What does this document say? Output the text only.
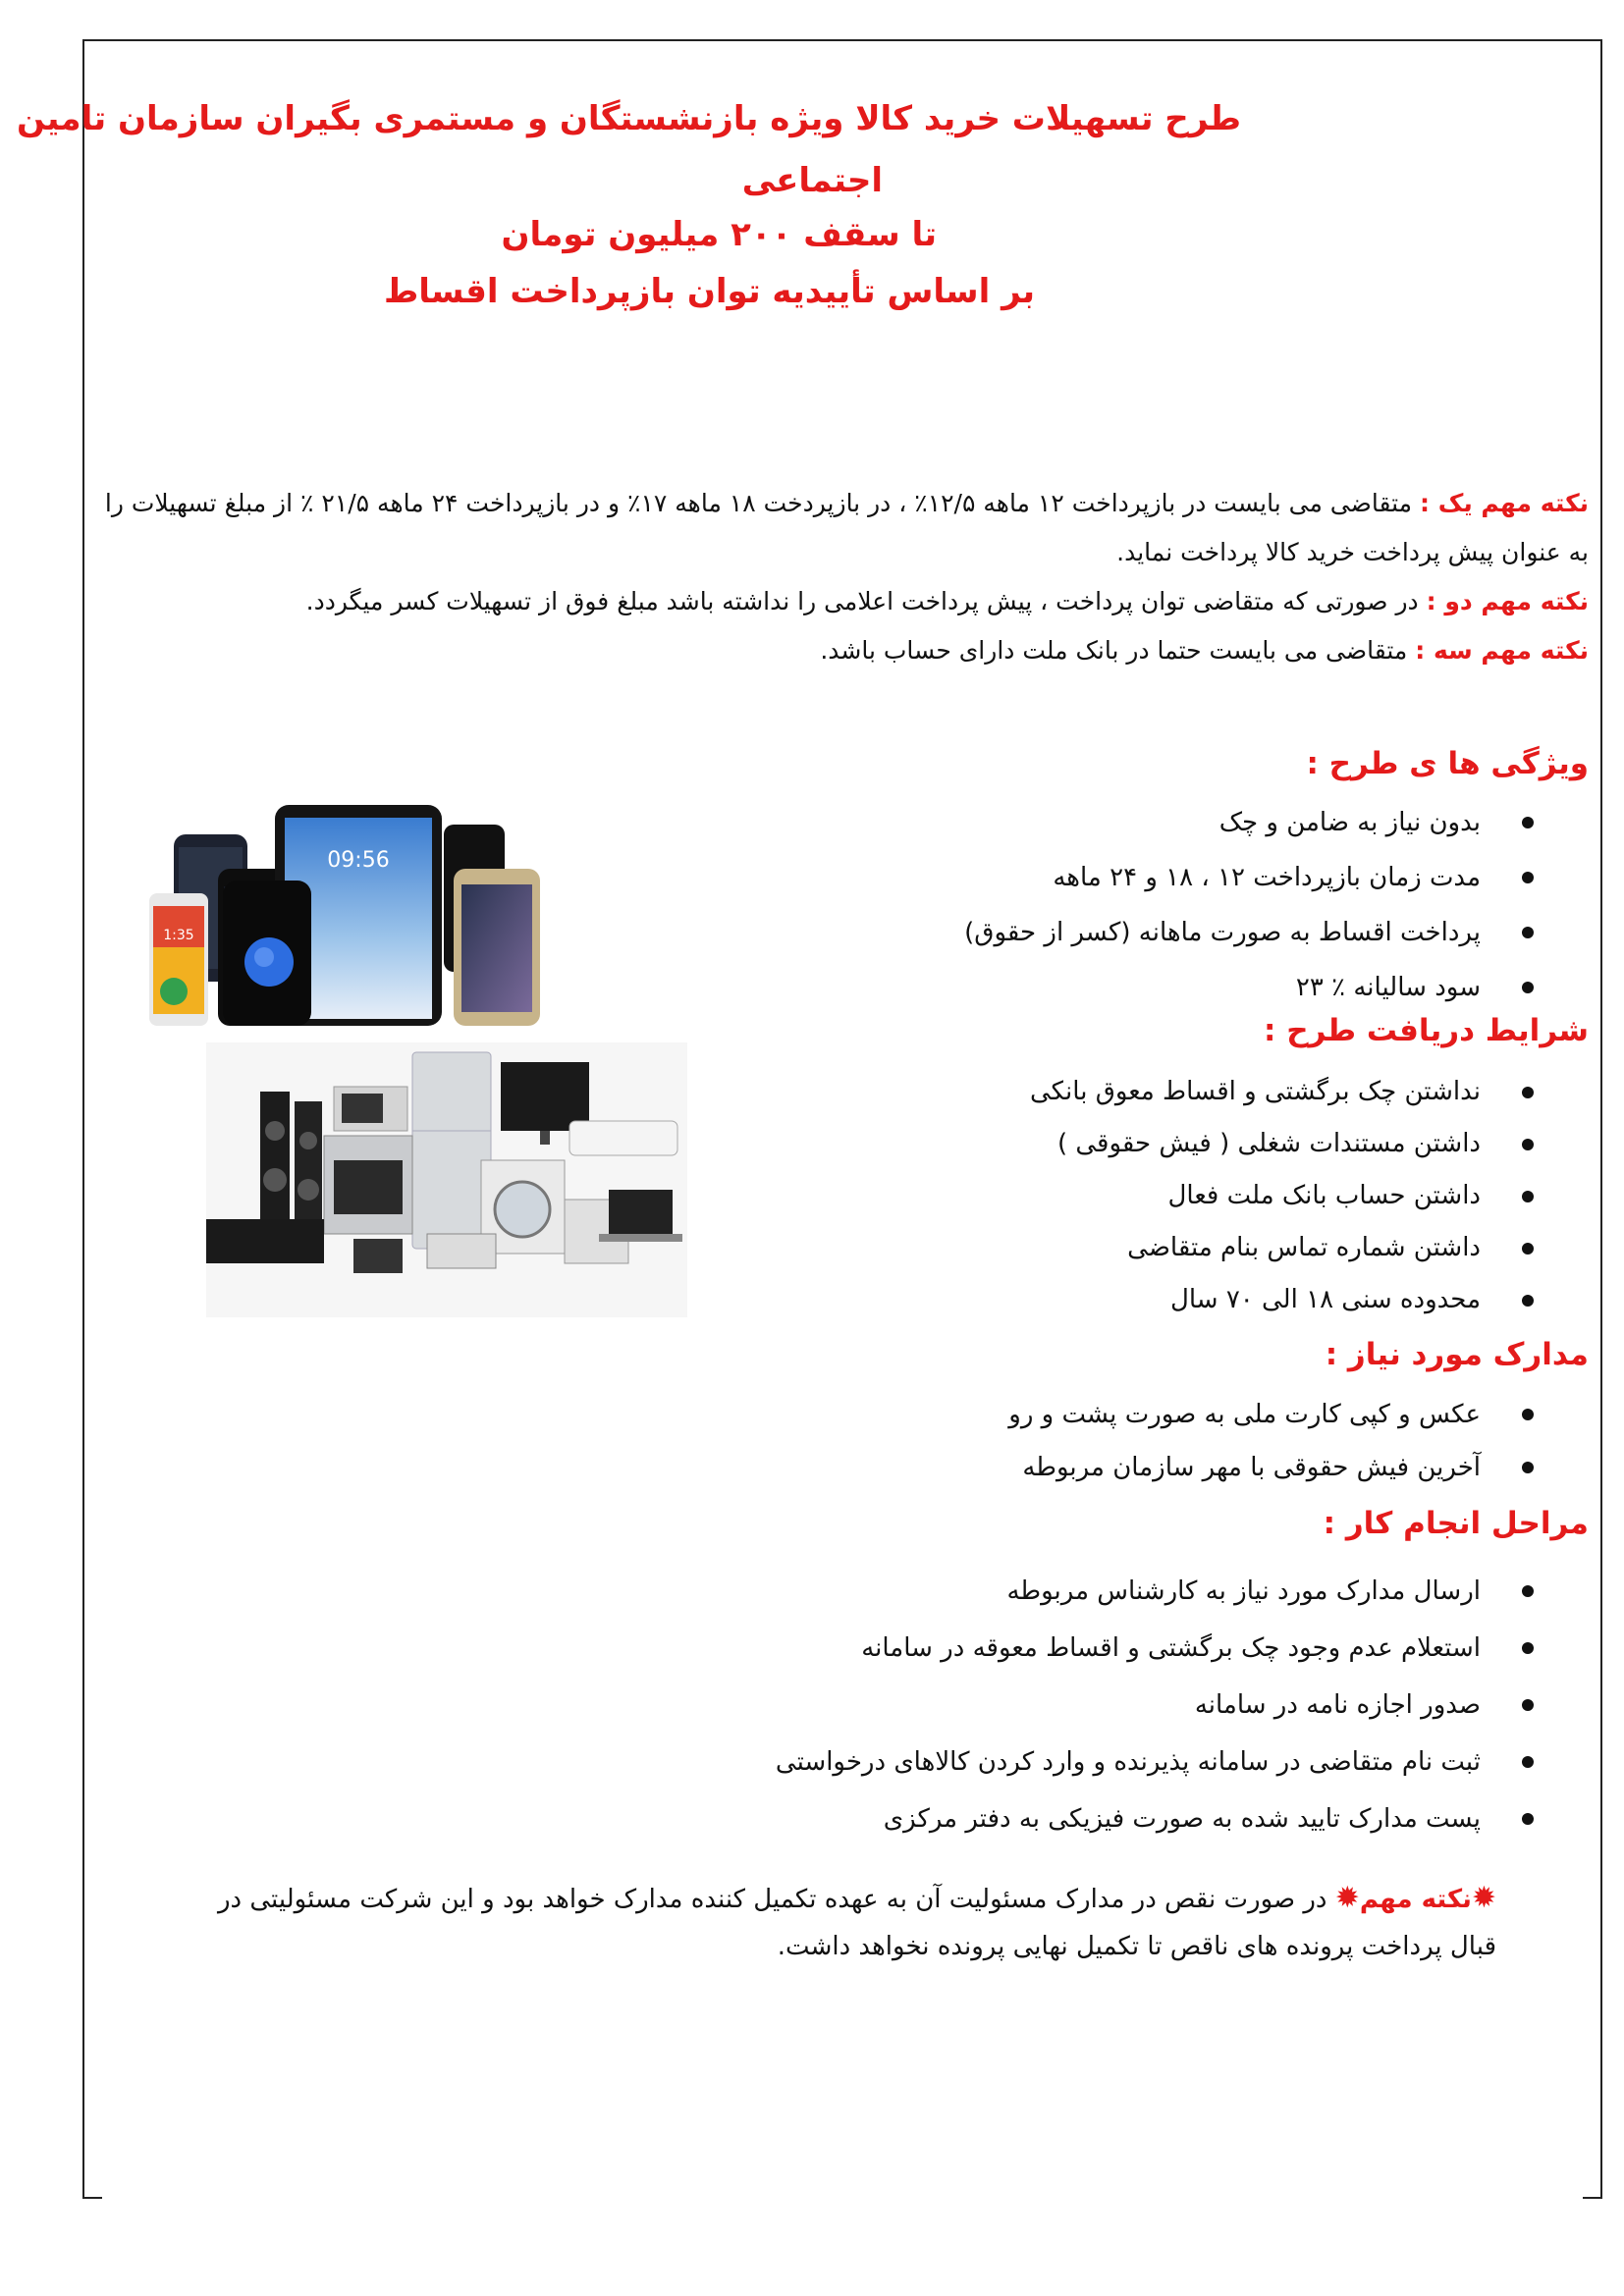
طرح تسهیلات خرید کالا ویژه بازنشستگان و مستمری بگیران سازمان تامین
اجتماعی
تا سقف ۲۰۰ میلیون تومان
بر اساس تأییدیه توان بازپرداخت اقساط

نکته مهم یک : متقاضی می بایست در بازپرداخت ۱۲ ماهه ۱۲/۵٪ ، در بازپردخت ۱۸ ماهه ۱۷٪ و در بازپرداخت ۲۴ ماهه ۲۱/۵ ٪ از مبلغ تسهیلات را به عنوان پیش پرداخت خرید کالا پرداخت نماید.

نکته مهم دو : در صورتی که متقاضی توان پرداخت ، پیش پرداخت اعلامی را نداشته باشد مبلغ فوق از تسهیلات کسر میگردد.

نکته مهم سه : متقاضی می بایست حتما در بانک ملت دارای حساب باشد.

ویژگی ها ی طرح :
بدون نیاز به ضامن و چک
مدت زمان بازپرداخت ۱۲ ، ۱۸ و ۲۴ ماهه
پرداخت اقساط به صورت ماهانه (کسر از حقوق)
سود سالیانه ٪ ۲۳
شرایط دریافت طرح :
نداشتن چک برگشتی و اقساط معوق بانکی
داشتن مستندات شغلی ( فیش حقوقی )
داشتن حساب بانک ملت فعال
داشتن شماره تماس بنام متقاضی
محدوده سنی ۱۸ الی ۷۰ سال
مدارک مورد نیاز :
عکس و کپی کارت ملی به صورت پشت و رو
آخرین فیش حقوقی با مهر سازمان مربوطه
مراحل انجام کار :
ارسال مدارک مورد نیاز به کارشناس مربوطه
استعلام عدم وجود چک برگشتی و اقساط معوقه در سامانه
صدور اجازه نامه در سامانه
ثبت نام متقاضی در سامانه پذیرنده و وارد کردن کالاهای درخواستی
پست مدارک تایید شده به صورت فیزیکی به دفتر مرکزی
✹نکته مهم✹ در صورت نقص در مدارک مسئولیت آن به عهده تکمیل کننده مدارک خواهد بود و این شرکت مسئولیتی در قبال پرداخت پرونده های ناقص تا تکمیل نهایی پرونده نخواهد داشت.
09:56
1:35
